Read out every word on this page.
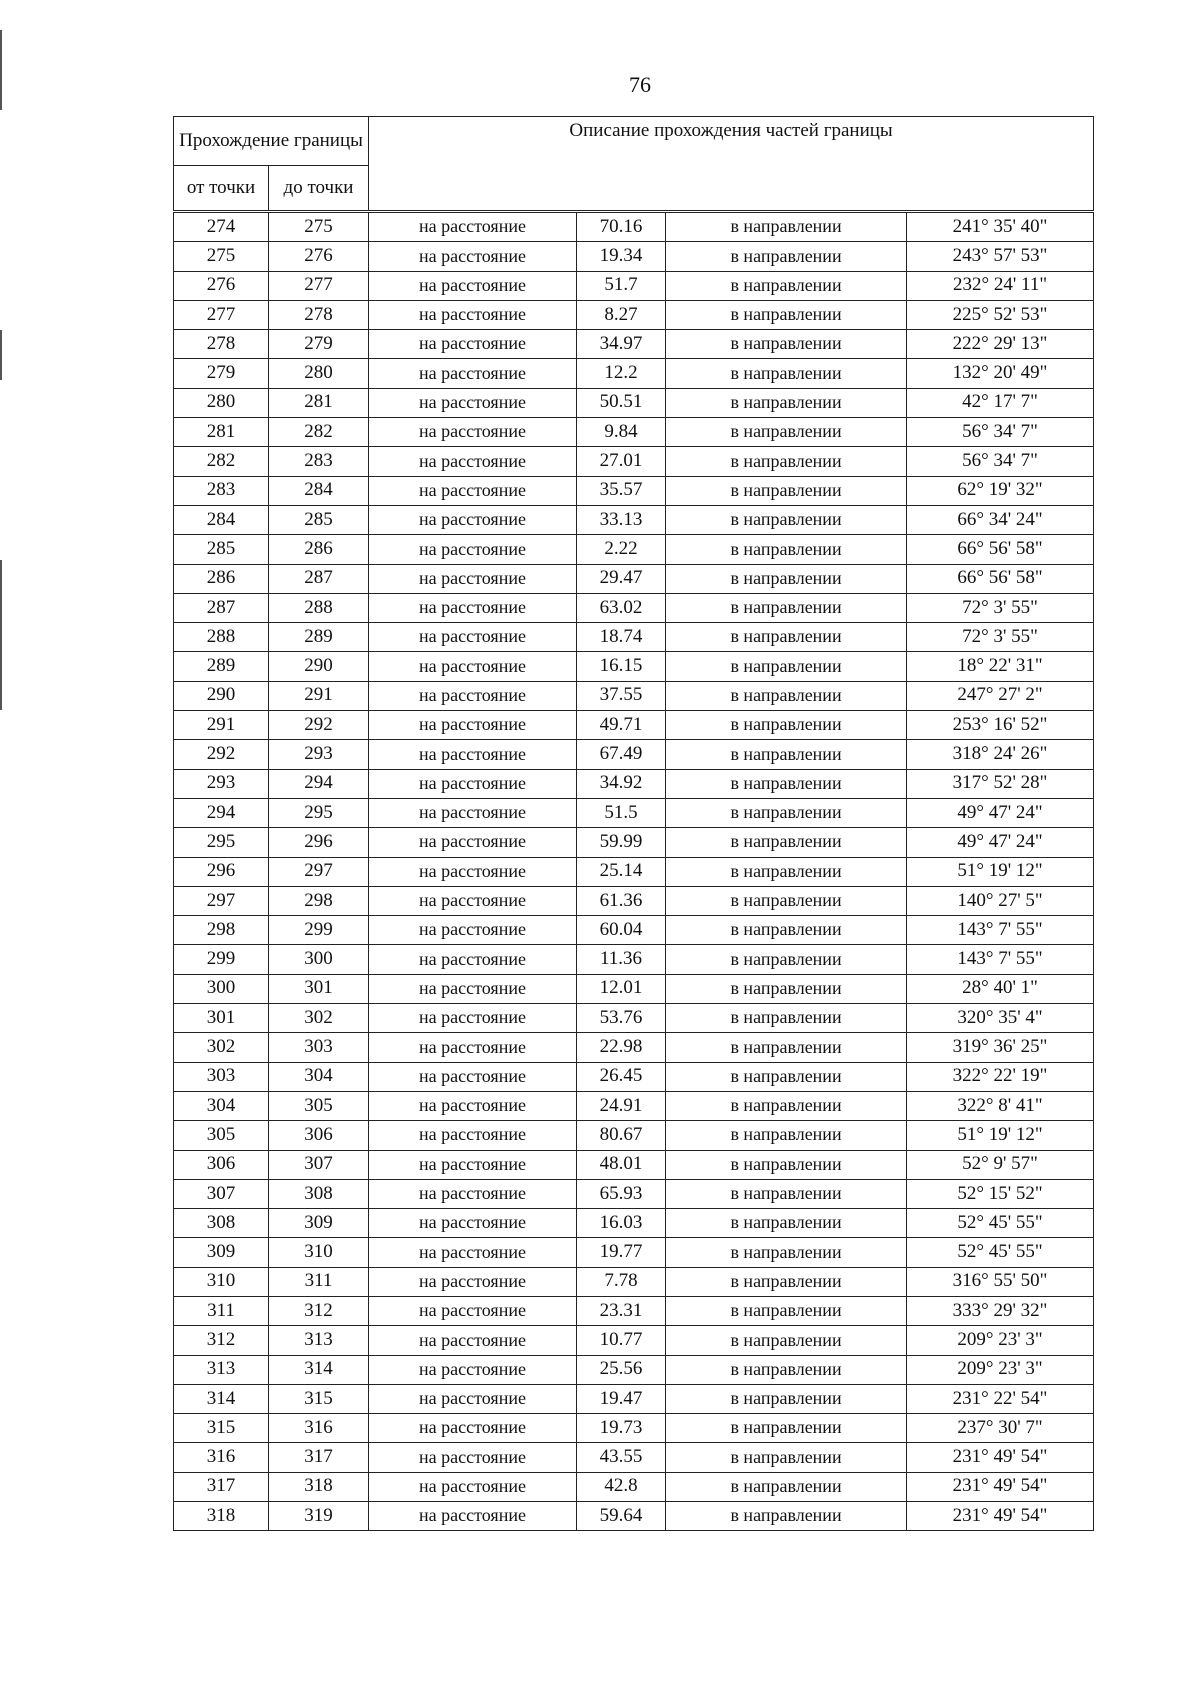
76
Прохождение границы		Описание прохождения частей границы			
от точки	до точки				
274	275	на расстояние	70.16	в направлении	241° 35' 40"
275	276	на расстояние	19.34	в направлении	243° 57' 53"
276	277	на расстояние	51.7	в направлении	232° 24' 11"
277	278	на расстояние	8.27	в направлении	225° 52' 53"
278	279	на расстояние	34.97	в направлении	222° 29' 13"
279	280	на расстояние	12.2	в направлении	132° 20' 49"
280	281	на расстояние	50.51	в направлении	42° 17' 7"
281	282	на расстояние	9.84	в направлении	56° 34' 7"
282	283	на расстояние	27.01	в направлении	56° 34' 7"
283	284	на расстояние	35.57	в направлении	62° 19' 32"
284	285	на расстояние	33.13	в направлении	66° 34' 24"
285	286	на расстояние	2.22	в направлении	66° 56' 58"
286	287	на расстояние	29.47	в направлении	66° 56' 58"
287	288	на расстояние	63.02	в направлении	72° 3' 55"
288	289	на расстояние	18.74	в направлении	72° 3' 55"
289	290	на расстояние	16.15	в направлении	18° 22' 31"
290	291	на расстояние	37.55	в направлении	247° 27' 2"
291	292	на расстояние	49.71	в направлении	253° 16' 52"
292	293	на расстояние	67.49	в направлении	318° 24' 26"
293	294	на расстояние	34.92	в направлении	317° 52' 28"
294	295	на расстояние	51.5	в направлении	49° 47' 24"
295	296	на расстояние	59.99	в направлении	49° 47' 24"
296	297	на расстояние	25.14	в направлении	51° 19' 12"
297	298	на расстояние	61.36	в направлении	140° 27' 5"
298	299	на расстояние	60.04	в направлении	143° 7' 55"
299	300	на расстояние	11.36	в направлении	143° 7' 55"
300	301	на расстояние	12.01	в направлении	28° 40' 1"
301	302	на расстояние	53.76	в направлении	320° 35' 4"
302	303	на расстояние	22.98	в направлении	319° 36' 25"
303	304	на расстояние	26.45	в направлении	322° 22' 19"
304	305	на расстояние	24.91	в направлении	322° 8' 41"
305	306	на расстояние	80.67	в направлении	51° 19' 12"
306	307	на расстояние	48.01	в направлении	52° 9' 57"
307	308	на расстояние	65.93	в направлении	52° 15' 52"
308	309	на расстояние	16.03	в направлении	52° 45' 55"
309	310	на расстояние	19.77	в направлении	52° 45' 55"
310	311	на расстояние	7.78	в направлении	316° 55' 50"
311	312	на расстояние	23.31	в направлении	333° 29' 32"
312	313	на расстояние	10.77	в направлении	209° 23' 3"
313	314	на расстояние	25.56	в направлении	209° 23' 3"
314	315	на расстояние	19.47	в направлении	231° 22' 54"
315	316	на расстояние	19.73	в направлении	237° 30' 7"
316	317	на расстояние	43.55	в направлении	231° 49' 54"
317	318	на расстояние	42.8	в направлении	231° 49' 54"
318	319	на расстояние	59.64	в направлении	231° 49' 54"
